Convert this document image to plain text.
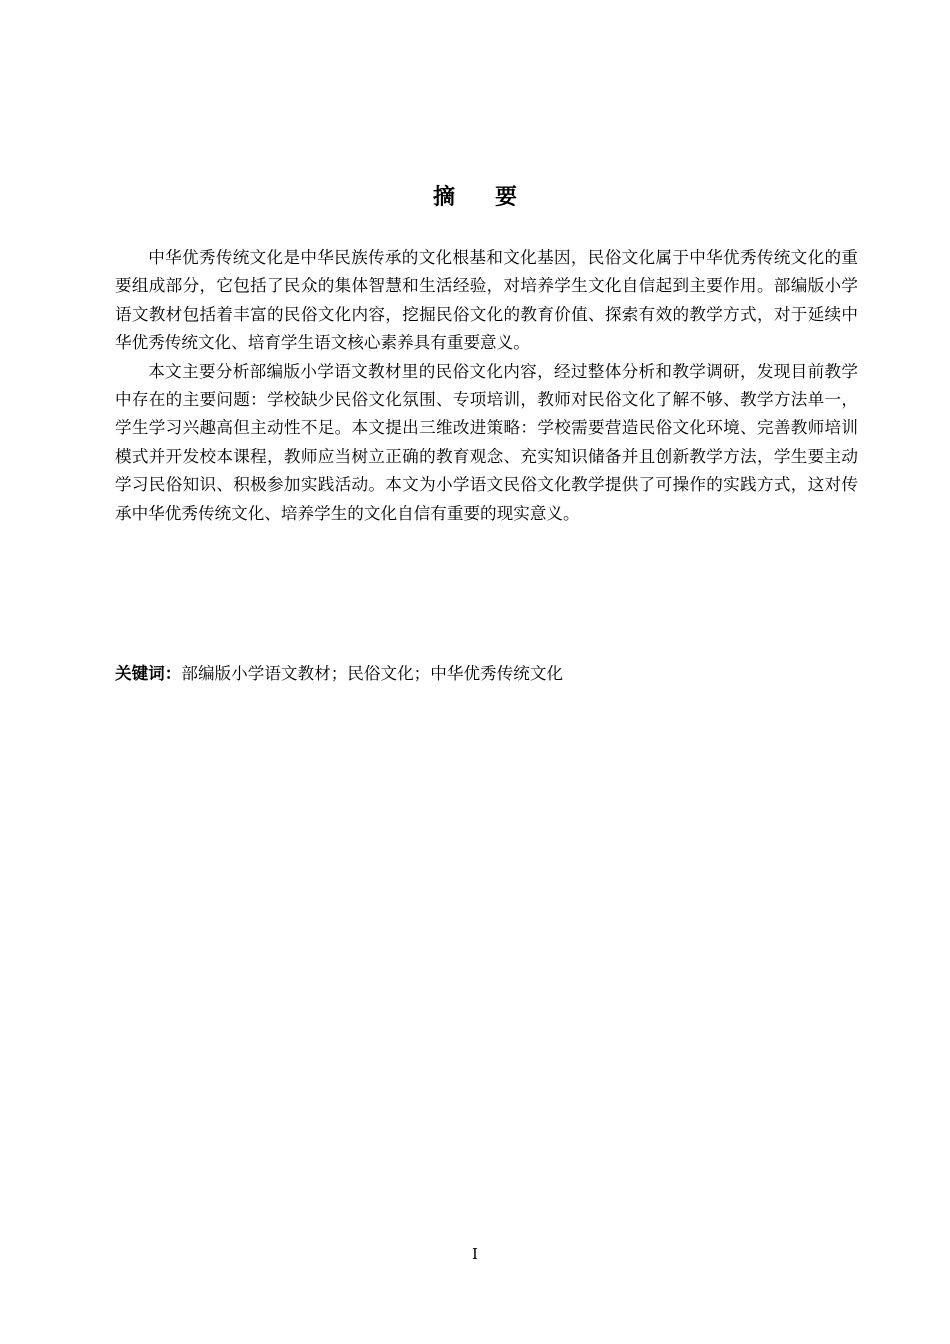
摘 要

中华优秀传统文化是中华民族传承的文化根基和文化基因，民俗文化属于中华优秀传统文化的重要组成部分，它包括了民众的集体智慧和生活经验，对培养学生文化自信起到主要作用。部编版小学语文教材包括着丰富的民俗文化内容，挖掘民俗文化的教育价值、探索有效的教学方式，对于延续中华优秀传统文化、培育学生语文核心素养具有重要意义。

本文主要分析部编版小学语文教材里的民俗文化内容，经过整体分析和教学调研，发现目前教学中存在的主要问题：学校缺少民俗文化氛围、专项培训，教师对民俗文化了解不够、教学方法单一，学生学习兴趣高但主动性不足。本文提出三维改进策略：学校需要营造民俗文化环境、完善教师培训模式并开发校本课程，教师应当树立正确的教育观念、充实知识储备并且创新教学方法，学生要主动学习民俗知识、积极参加实践活动。本文为小学语文民俗文化教学提供了可操作的实践方式，这对传承中华优秀传统文化、培养学生的文化自信有重要的现实意义。

关键词：部编版小学语文教材；民俗文化；中华优秀传统文化
I
